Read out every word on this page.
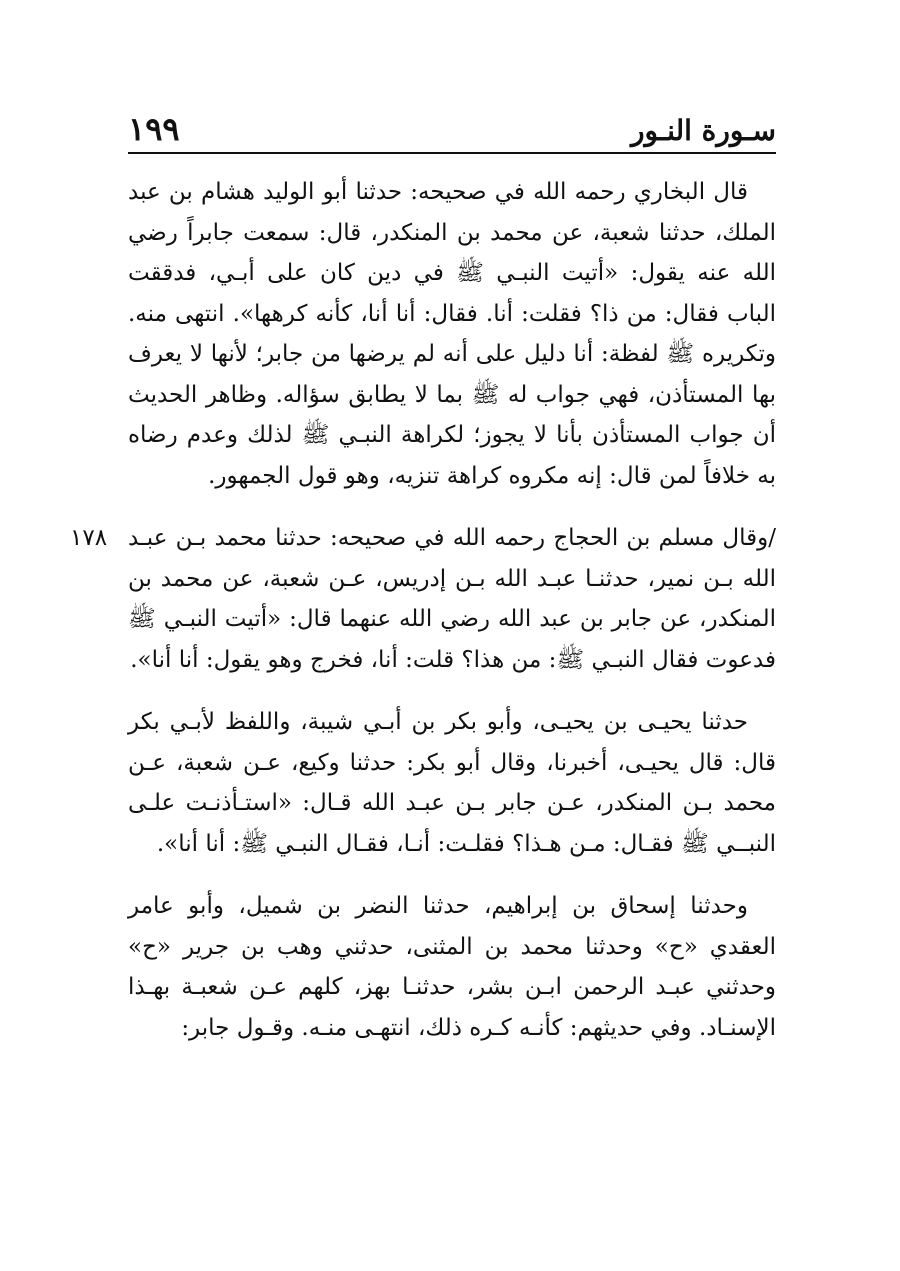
سـورة النـور
١٩٩

قال البخاري رحمه الله في صحيحه: حدثنا أبو الوليد هشام بن عبد الملك، حدثنا شعبة، عن محمد بن المنكدر، قال: سمعت جابراً رضي الله عنه يقول: «أتيت النبـي ﷺ في دين كان على أبـي، فدققت الباب فقال: من ذا؟ فقلت: أنا. فقال: أنا أنا، كأنه كرهها». انتهى منه. وتكريره ﷺ لفظة: أنا دليل على أنه لم يرضها من جابر؛ لأنها لا يعرف بها المستأذن، فهي جواب له ﷺ بما لا يطابق سؤاله. وظاهر الحديث أن جواب المستأذن بأنا لا يجوز؛ لكراهة النبـي ﷺ لذلك وعدم رضاه به خلافاً لمن قال: إنه مكروه كراهة تنزيه، وهو قول الجمهور.

١٧٨ /وقال مسلم بن الحجاج رحمه الله في صحيحه: حدثنا محمد بـن عبـد الله بـن نمير، حدثنـا عبـد الله بـن إدريس، عـن شعبة، عن محمد بن المنكدر، عن جابر بن عبد الله رضي الله عنهما قال: «أتيت النبـي ﷺ فدعوت فقال النبـي ﷺ: من هذا؟ قلت: أنا، فخرج وهو يقول: أنا أنا».

حدثنا يحيـى بن يحيـى، وأبو بكر بن أبـي شيبة، واللفظ لأبـي بكر قال: قال يحيـى، أخبرنا، وقال أبو بكر: حدثنا وكيع، عـن شعبة، عـن محمد بـن المنكدر، عـن جابر بـن عبـد الله قـال: «استـأذنـت علـى النبــي ﷺ فقـال: مـن هـذا؟ فقلـت: أنـا، فقـال النبـي ﷺ: أنا أنا».

وحدثنا إسحاق بن إبراهيم، حدثنا النضر بن شميل، وأبو عامر العقدي «ح» وحدثنا محمد بن المثنى، حدثني وهب بن جرير «ح» وحدثني عبـد الرحمن ابـن بشر، حدثنـا بهز، كلهم عـن شعبـة بهـذا الإسنـاد. وفي حديثهم: كأنـه كـره ذلك، انتهـى منـه. وقـول جابر:
